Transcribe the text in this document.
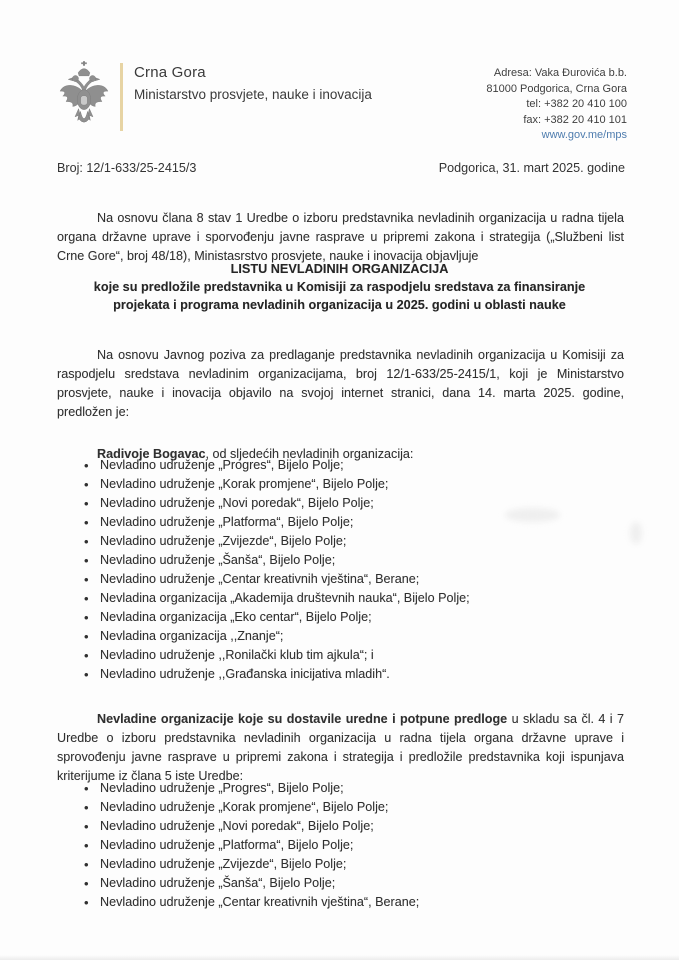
Crna Gora
Ministarstvo prosvjete, nauke i inovacija
Adresa: Vaka Đurovića b.b.
81000 Podgorica, Crna Gora
tel: +382 20 410 100
fax: +382 20 410 101
www.gov.me/mps
Broj: 12/1-633/25-2415/3	Podgorica, 31. mart 2025. godine

Na osnovu člana 8 stav 1 Uredbe o izboru predstavnika nevladinih organizacija u radna tijela organa državne uprave i sporvođenju javne rasprave u pripremi zakona i strategija („Službeni list Crne Gore“, broj 48/18), Ministasrstvo prosvjete, nauke i inovacija objavljuje

LISTU NEVLADINIH ORGANIZACIJA
koje su predložile predstavnika u Komisiji za raspodjelu sredstava za finansiranje
projekata i programa nevladinih organizacija u 2025. godini u oblasti nauke

Na osnovu Javnog poziva za predlaganje predstavnika nevladinih organizacija u Komisiji za raspodjelu sredstava nevladinim organizacijama, broj 12/1-633/25-2415/1, koji je Ministarstvo prosvjete, nauke i inovacija objavilo na svojoj internet stranici, dana 14. marta 2025. godine, predložen je:

Radivoje Bogavac, od sljedećih nevladinih organizacija:

• Nevladino udruženje „Progres“, Bijelo Polje;
• Nevladino udruženje „Korak promjene“, Bijelo Polje;
• Nevladino udruženje „Novi poredak“, Bijelo Polje;
• Nevladino udruženje „Platforma“, Bijelo Polje;
• Nevladino udruženje „Zvijezde“, Bijelo Polje;
• Nevladino udruženje „Šanša“, Bijelo Polje;
• Nevladino udruženje „Centar kreativnih vještina“, Berane;
• Nevladina organizacija „Akademija društevnih nauka“, Bijelo Polje;
• Nevladina organizacija „Eko centar“, Bijelo Polje;
• Nevladina organizacija ,,Znanje“;
• Nevladino udruženje ,,Ronilački klub tim ajkula“; i
• Nevladino udruženje ,,Građanska inicijativa mladih“.

Nevladine organizacije koje su dostavile uredne i potpune predloge u skladu sa čl. 4 i 7 Uredbe o izboru predstavnika nevladinih organizacija u radna tijela organa državne uprave i sprovođenju javne rasprave u pripremi zakona i strategija i predložile predstavnika koji ispunjava kriterijume iz člana 5 iste Uredbe:

• Nevladino udruženje „Progres“, Bijelo Polje;
• Nevladino udruženje „Korak promjene“, Bijelo Polje;
• Nevladino udruženje „Novi poredak“, Bijelo Polje;
• Nevladino udruženje „Platforma“, Bijelo Polje;
• Nevladino udruženje „Zvijezde“, Bijelo Polje;
• Nevladino udruženje „Šanša“, Bijelo Polje;
• Nevladino udruženje „Centar kreativnih vještina“, Berane;
